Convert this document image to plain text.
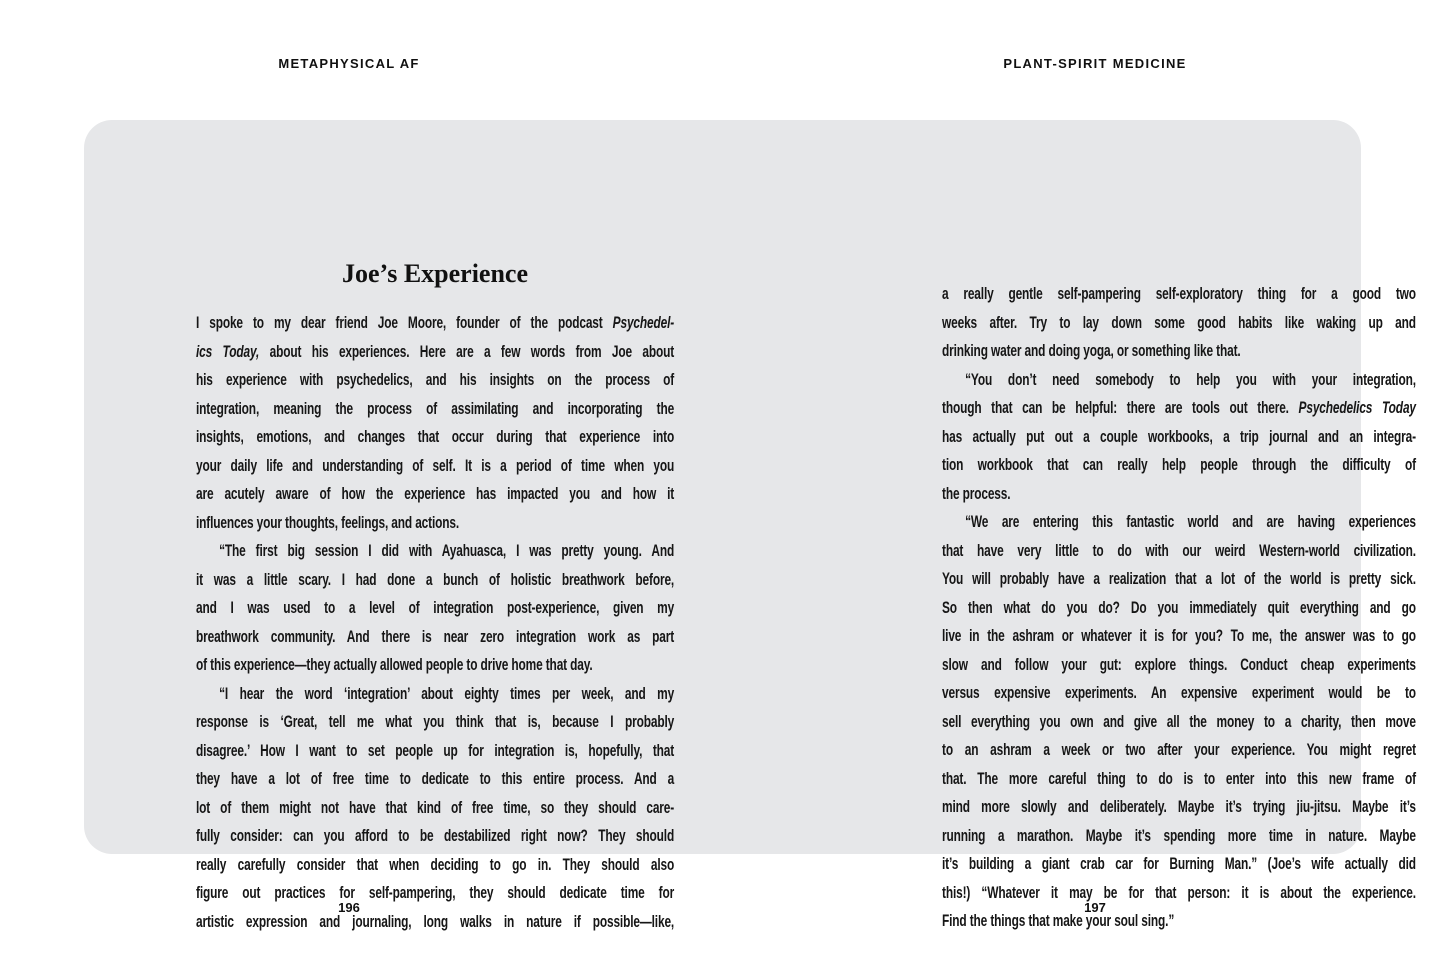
METAPHYSICAL AF	PLANT-SPIRIT MEDICINE
Joe’s Experience
I spoke to my dear friend Joe Moore, founder of the podcast Psychedel-
ics Today, about his experiences. Here are a few words from Joe about
his experience with psychedelics, and his insights on the process of
integration, meaning the process of assimilating and incorporating the
insights, emotions, and changes that occur during that experience into
your daily life and understanding of self. It is a period of time when you
are acutely aware of how the experience has impacted you and how it
influences your thoughts, feelings, and actions.
“The first big session I did with Ayahuasca, I was pretty young. And
it was a little scary. I had done a bunch of holistic breathwork before,
and I was used to a level of integration post-experience, given my
breathwork community. And there is near zero integration work as part
of this experience—they actually allowed people to drive home that day.
“I hear the word ‘integration’ about eighty times per week, and my
response is ‘Great, tell me what you think that is, because I probably
disagree.’ How I want to set people up for integration is, hopefully, that
they have a lot of free time to dedicate to this entire process. And a
lot of them might not have that kind of free time, so they should care-
fully consider: can you afford to be destabilized right now? They should
really carefully consider that when deciding to go in. They should also
figure out practices for self-pampering, they should dedicate time for
artistic expression and journaling, long walks in nature if possible—like,
a really gentle self-pampering self-exploratory thing for a good two
weeks after. Try to lay down some good habits like waking up and
drinking water and doing yoga, or something like that.
“You don’t need somebody to help you with your integration,
though that can be helpful: there are tools out there. Psychedelics Today
has actually put out a couple workbooks, a trip journal and an integra-
tion workbook that can really help people through the difficulty of
the process.
“We are entering this fantastic world and are having experiences
that have very little to do with our weird Western-world civilization.
You will probably have a realization that a lot of the world is pretty sick.
So then what do you do? Do you immediately quit everything and go
live in the ashram or whatever it is for you? To me, the answer was to go
slow and follow your gut: explore things. Conduct cheap experiments
versus expensive experiments. An expensive experiment would be to
sell everything you own and give all the money to a charity, then move
to an ashram a week or two after your experience. You might regret
that. The more careful thing to do is to enter into this new frame of
mind more slowly and deliberately. Maybe it’s trying jiu-jitsu. Maybe it’s
running a marathon. Maybe it’s spending more time in nature. Maybe
it’s building a giant crab car for Burning Man.” (Joe’s wife actually did
this!) “Whatever it may be for that person: it is about the experience.
Find the things that make your soul sing.”
196	197
